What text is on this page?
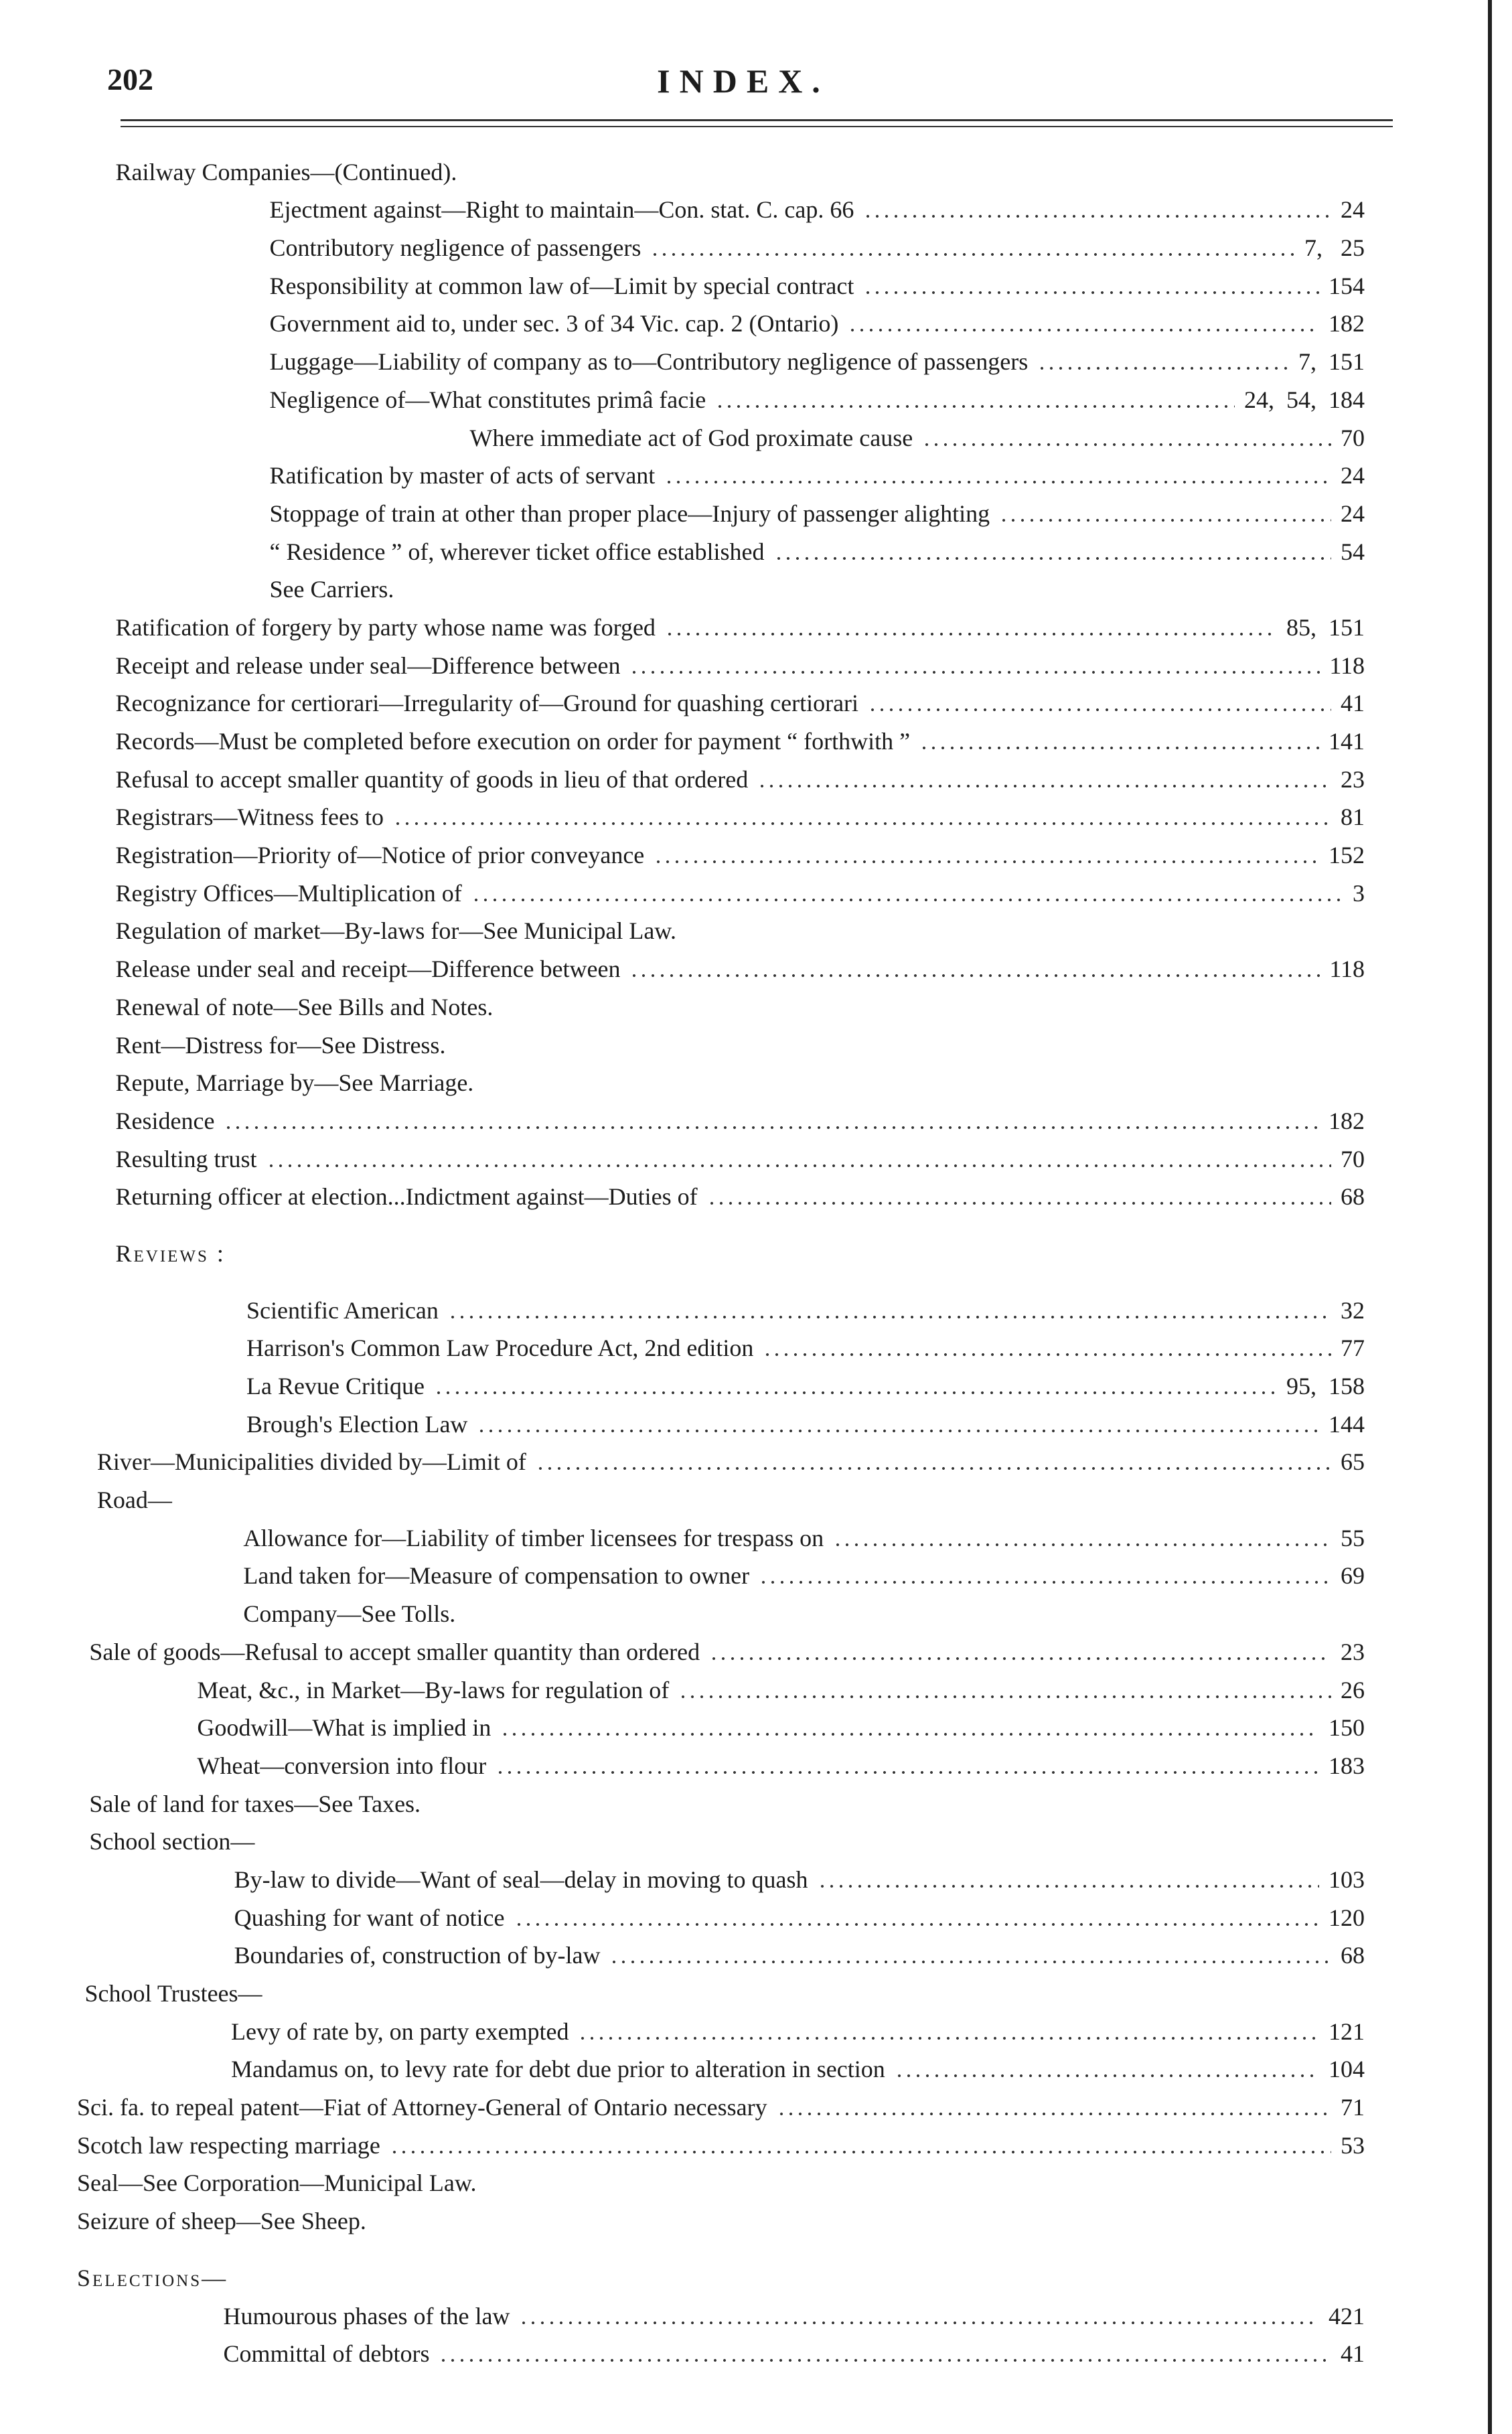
202	INDEX.
Railway Companies—(Continued).
Ejectment against—Right to maintain—Con. stat. C. cap. 66	24
Contributory negligence of passengers	7,   25
Responsibility at common law of—Limit by special contract	154
Government aid to, under sec. 3 of 34 Vic. cap. 2 (Ontario)	182
Luggage—Liability of company as to—Contributory negligence of passengers	7,  151
Negligence of—What constitutes primâ facie	24,  54,  184
Where immediate act of God proximate cause	70
Ratification by master of acts of servant	24
Stoppage of train at other than proper place—Injury of passenger alighting	24
“ Residence ” of, wherever ticket office established	54
See Carriers.
Ratification of forgery by party whose name was forged	85,  151
Receipt and release under seal—Difference between	118
Recognizance for certiorari—Irregularity of—Ground for quashing certiorari	41
Records—Must be completed before execution on order for payment “ forthwith ”	141
Refusal to accept smaller quantity of goods in lieu of that ordered	23
Registrars—Witness fees to	81
Registration—Priority of—Notice of prior conveyance	152
Registry Offices—Multiplication of	3
Regulation of market—By-laws for—See Municipal Law.
Release under seal and receipt—Difference between	118
Renewal of note—See Bills and Notes.
Rent—Distress for—See Distress.
Repute, Marriage by—See Marriage.
Residence	182
Resulting trust	70
Returning officer at election...Indictment against—Duties of	68
Reviews :
Scientific American	32
Harrison's Common Law Procedure Act, 2nd edition	77
La Revue Critique	95,  158
Brough's Election Law	144
River—Municipalities divided by—Limit of	65
Road—
Allowance for—Liability of timber licensees for trespass on	55
Land taken for—Measure of compensation to owner	69
Company—See Tolls.
Sale of goods—Refusal to accept smaller quantity than ordered	23
Meat, &c., in Market—By-laws for regulation of	26
Goodwill—What is implied in	150
Wheat—conversion into flour	183
Sale of land for taxes—See Taxes.
School section—
By-law to divide—Want of seal—delay in moving to quash	103
Quashing for want of notice	120
Boundaries of, construction of by-law	68
School Trustees—
Levy of rate by, on party exempted	121
Mandamus on, to levy rate for debt due prior to alteration in section	104
Sci. fa. to repeal patent—Fiat of Attorney-General of Ontario necessary	71
Scotch law respecting marriage	53
Seal—See Corporation—Municipal Law.
Seizure of sheep—See Sheep.
Selections—
Humourous phases of the law	421
Committal of debtors	41
